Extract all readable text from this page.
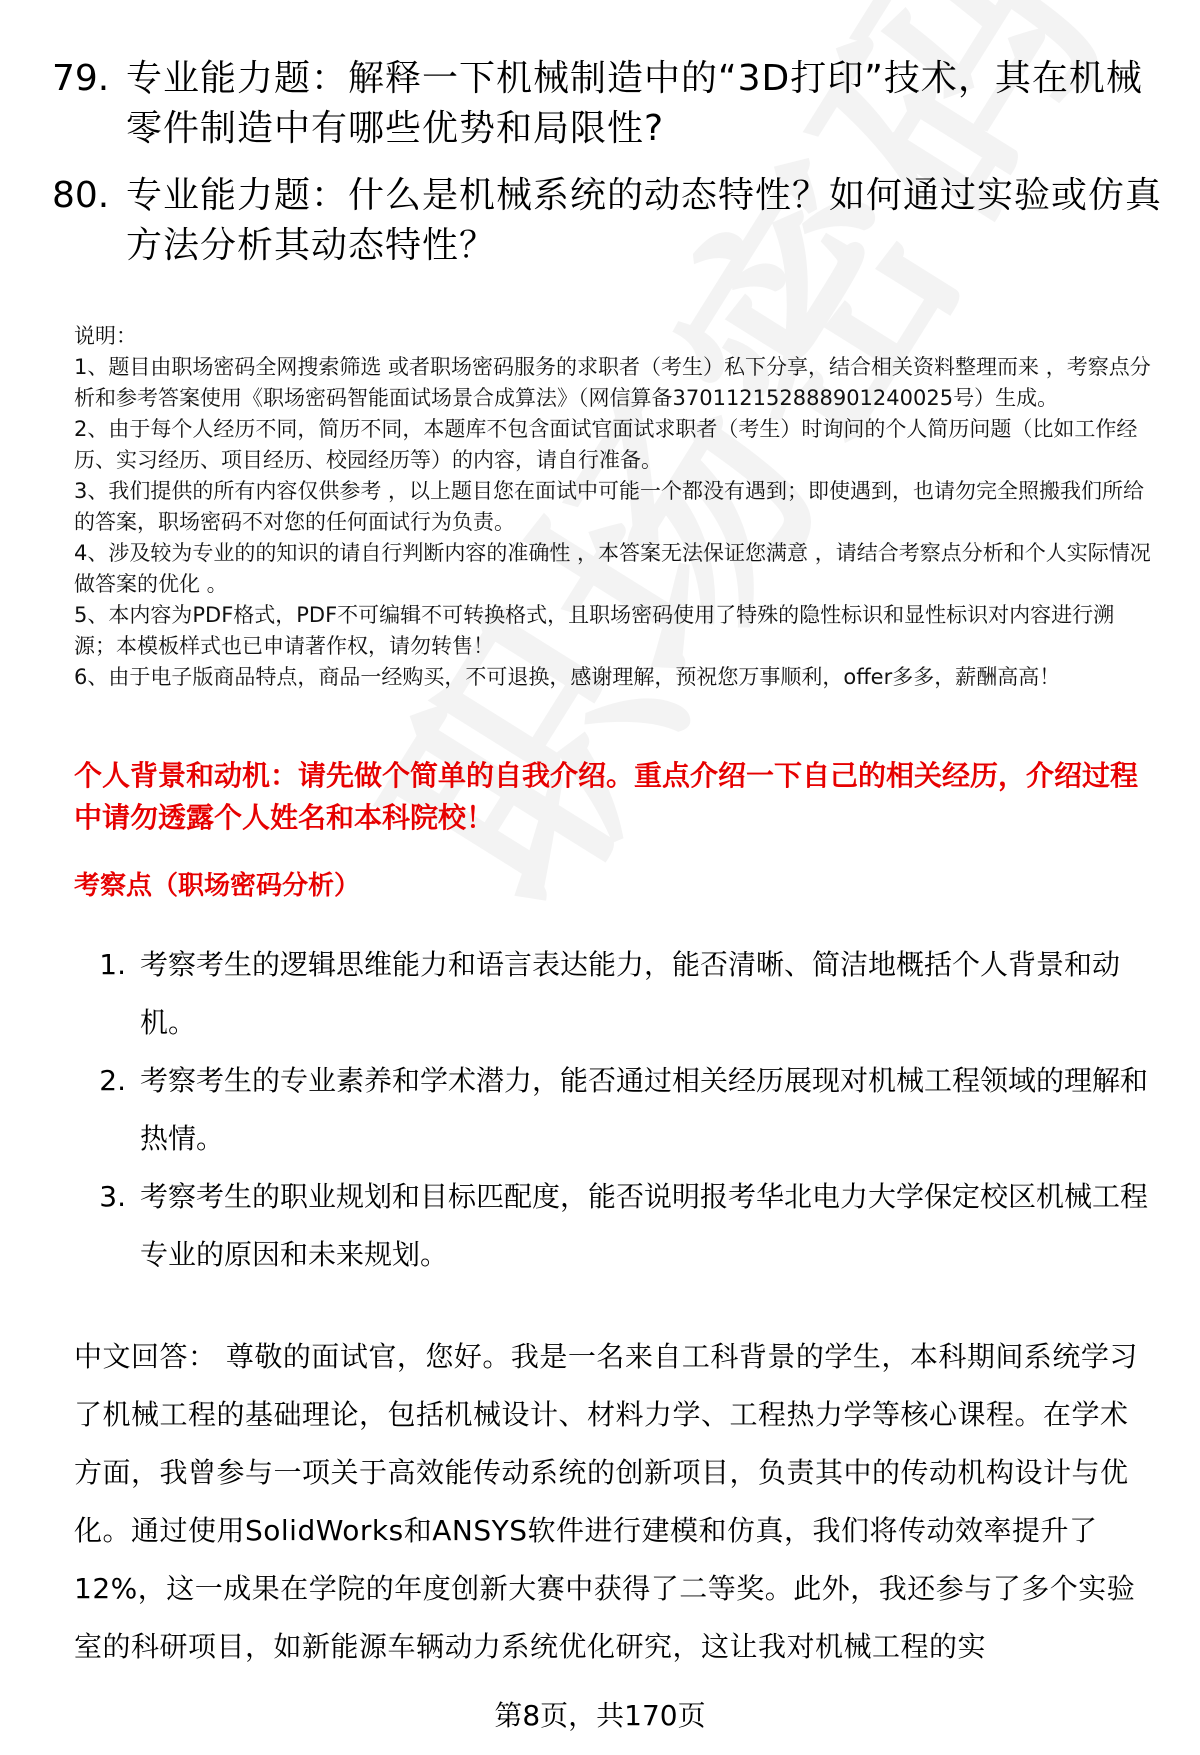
79. 专业能力题：解释一下机械制造中的“3D打印”技术，其在机械零件制造中有哪些优势和局限性?
80. 专业能力题：什么是机械系统的动态特性？如何通过实验或仿真方法分析其动态特性？

说明：

1、题目由职场密码全网搜索筛选 或者职场密码服务的求职者（考生）私下分享，结合相关资料整理而来 ，考察点分析和参考答案使用《职场密码智能面试场景合成算法》（网信算备370112152888901240025号）生成。

2、由于每个人经历不同，简历不同，本题库不包含面试官面试求职者（考生）时询问的个人简历问题（比如工作经历、实习经历、项目经历、校园经历等）的内容，请自行准备。

3、我们提供的所有内容仅供参考 ，以上题目您在面试中可能一个都没有遇到；即使遇到，也请勿完全照搬我们所给的答案，职场密码不对您的任何面试行为负责。

4、涉及较为专业的的知识的请自行判断内容的准确性 ，本答案无法保证您满意 ，请结合考察点分析和个人实际情况做答案的优化 。

5、本内容为PDF格式，PDF不可编辑不可转换格式，且职场密码使用了特殊的隐性标识和显性标识对内容进行溯源；本模板样式也已申请著作权，请勿转售！

6、由于电子版商品特点，商品一经购买，不可退换，感谢理解，预祝您万事顺利，offer多多，薪酬高高！

个人背景和动机：请先做个简单的自我介绍。重点介绍一下自己的相关经历，介绍过程中请勿透露个人姓名和本科院校！
考察点（职场密码分析）
1. 考察考生的逻辑思维能力和语言表达能力，能否清晰、简洁地概括个人背景和动机。
2. 考察考生的专业素养和学术潜力，能否通过相关经历展现对机械工程领域的理解和热情。
3. 考察考生的职业规划和目标匹配度，能否说明报考华北电力大学保定校区机械工程专业的原因和未来规划。
中文回答： 尊敬的面试官，您好。我是一名来自工科背景的学生，本科期间系统学习了机械工程的基础理论，包括机械设计、材料力学、工程热力学等核心课程。在学术方面，我曾参与一项关于高效能传动系统的创新项目，负责其中的传动机构设计与优化。通过使用SolidWorks和ANSYS软件进行建模和仿真，我们将传动效率提升了12%，这一成果在学院的年度创新大赛中获得了二等奖。此外，我还参与了多个实验室的科研项目，如新能源车辆动力系统优化研究，这让我对机械工程的实
第8页，共170页
